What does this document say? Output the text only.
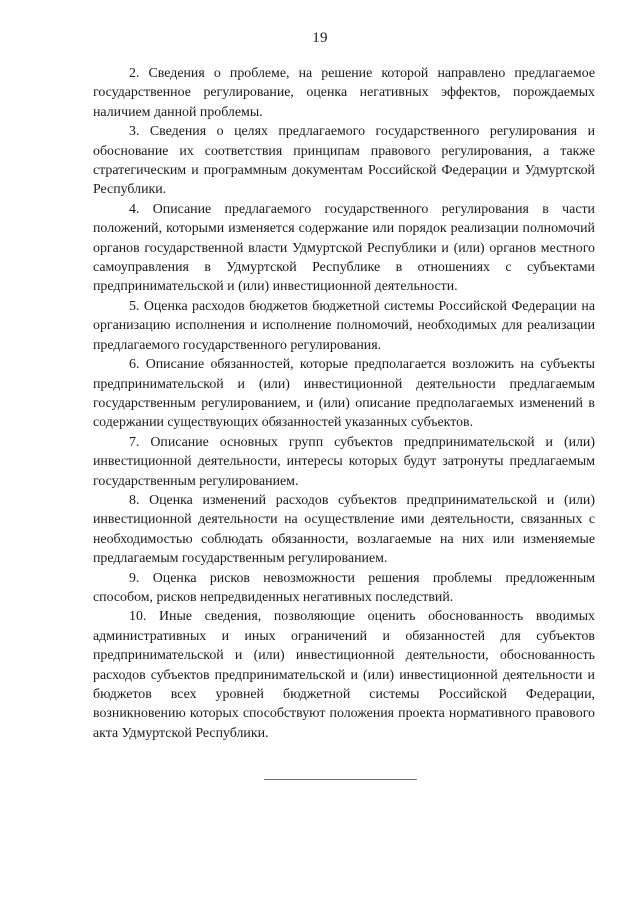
19

2. Сведения о проблеме, на решение которой направлено предлагаемое государственное регулирование, оценка негативных эффектов, порождаемых наличием данной проблемы.

3. Сведения о целях предлагаемого государственного регулирования и обоснование их соответствия принципам правового регулирования, а также стратегическим и программным документам Российской Федерации и Удмуртской Республики.

4. Описание предлагаемого государственного регулирования в части положений, которыми изменяется содержание или порядок реализации полномочий органов государственной власти Удмуртской Республики и (или) органов местного самоуправления в Удмуртской Республике в отношениях с субъектами предпринимательской и (или) инвестиционной деятельности.

5. Оценка расходов бюджетов бюджетной системы Российской Федерации на организацию исполнения и исполнение полномочий, необходимых для реализации предлагаемого государственного регулирования.

6. Описание обязанностей, которые предполагается возложить на субъекты предпринимательской и (или) инвестиционной деятельности предлагаемым государственным регулированием, и (или) описание предполагаемых изменений в содержании существующих обязанностей указанных субъектов.

7. Описание основных групп субъектов предпринимательской и (или) инвестиционной деятельности, интересы которых будут затронуты предлагаемым государственным регулированием.

8. Оценка изменений расходов субъектов предпринимательской и (или) инвестиционной деятельности на осуществление ими деятельности, связанных с необходимостью соблюдать обязанности, возлагаемые на них или изменяемые предлагаемым государственным регулированием.

9. Оценка рисков невозможности решения проблемы предложенным способом, рисков непредвиденных негативных последствий.

10. Иные сведения, позволяющие оценить обоснованность вводимых административных и иных ограничений и обязанностей для субъектов предпринимательской и (или) инвестиционной деятельности, обоснованность расходов субъектов предпринимательской и (или) инвестиционной деятельности и бюджетов всех уровней бюджетной системы Российской Федерации, возникновению которых способствуют положения проекта нормативного правового акта Удмуртской Республики.
